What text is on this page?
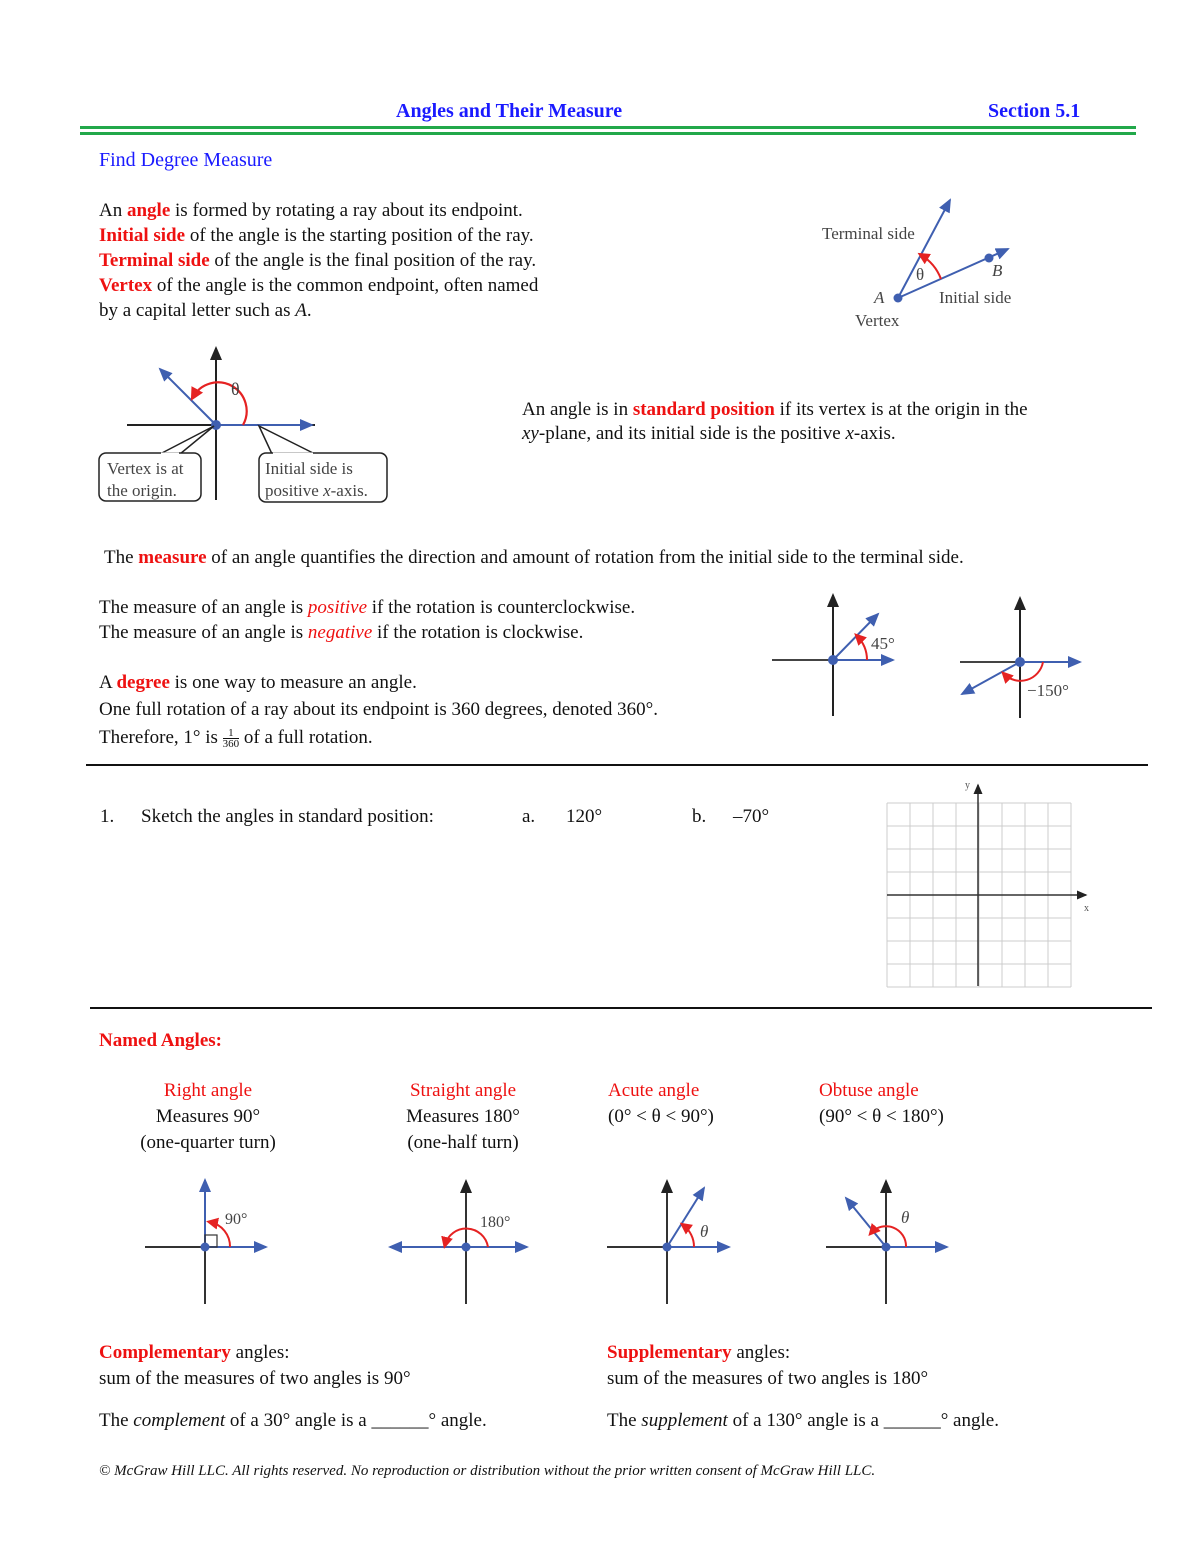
Angles and Their Measure	Section 5.1
Find Degree Measure
An angle is formed by rotating a ray about its endpoint.
Initial side of the angle is the starting position of the ray.
Terminal side of the angle is the final position of the ray.
Vertex of the angle is the common endpoint, often named
by a capital letter such as A.
Terminal side
Initial side
Vertex
θ
A
B
θ
Vertex is at
the origin.
Initial side is
positive x-axis.
45°
−150°
y
x
90°	180°	θ
θ
An angle is in standard position if its vertex is at the origin in the
xy-plane, and its initial side is the positive x-axis.
The measure of an angle quantifies the direction and amount of rotation from the initial side to the terminal side.
The measure of an angle is positive if the rotation is counterclockwise.
The measure of an angle is negative if the rotation is clockwise.
A degree is one way to measure an angle.
One full rotation of a ray about its endpoint is 360 degrees, denoted 360°.
Therefore, 1° is $\frac{1}{360}$ of a full rotation.
1. Sketch the angles in standard position:	a. 120°	b. –70°
Named Angles:
Right angle
Measures 90°
(one-quarter turn)
Straight angle
Measures 180°
(one-half turn)
Acute angle
(0° < θ < 90°)
Obtuse angle
(90° < θ < 180°)
Complementary angles:
sum of the measures of two angles is 90°
The complement of a 30° angle is a ______° angle.
Supplementary angles:
sum of the measures of two angles is 180°
The supplement of a 130° angle is a ______° angle.
© McGraw Hill LLC. All rights reserved. No reproduction or distribution without the prior written consent of McGraw Hill LLC.
